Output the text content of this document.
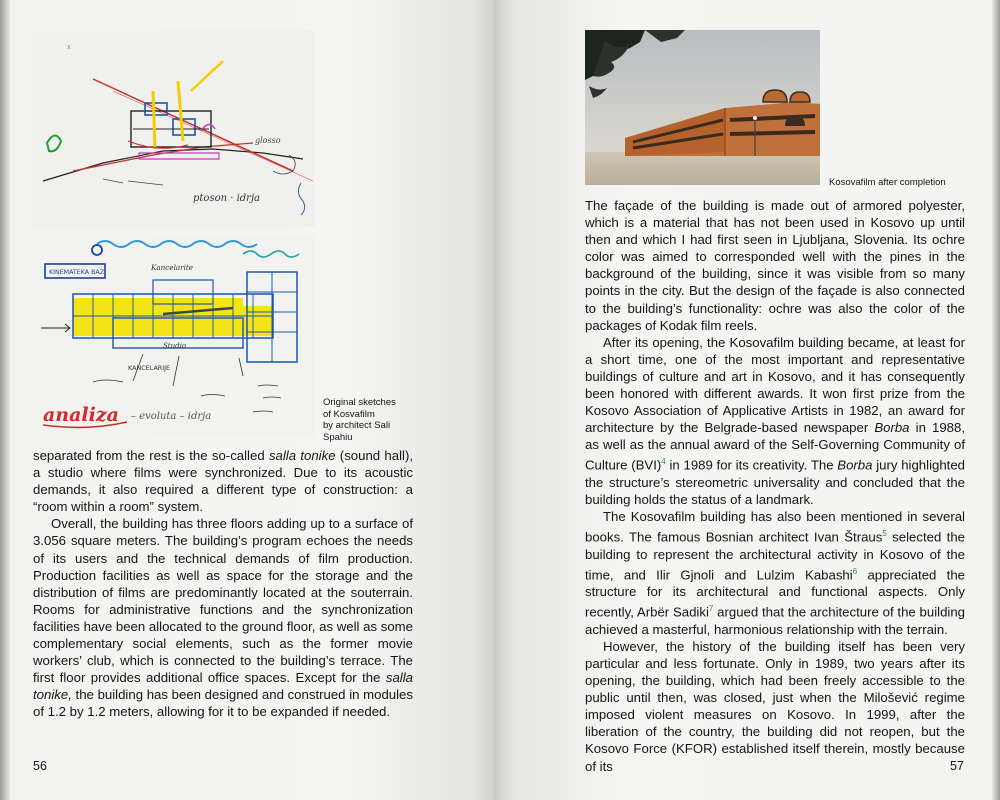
ptoson · idrja
glosso
x
KINEMATEKA BAZI
Kancelarite
KANCELARIJE
Studio
analiza – evoluta – idrja
Original sketches
of Kosvafilm
by architect Sali
Spahiu

separated from the rest is the so-called salla tonike (sound hall), a studio where films were synchronized. Due to its acoustic demands, it also required a different type of construction: a “room within a room” system.

Overall, the building has three floors adding up to a surface of 3.056 square meters. The building’s program echoes the needs of its users and the technical demands of film production. Production facilities as well as space for the storage and the distribution of films are predominantly located at the souterrain. Rooms for administrative functions and the synchronization facilities have been allocated to the ground floor, as well as some complementary social elements, such as the former movie workers’ club, which is connected to the building’s terrace. The first floor provides additional office spaces. Except for the salla tonike, the building has been designed and construed in modules of 1.2 by 1.2 meters, allowing for it to be expanded if needed.

56
Kosovafilm after completion

The façade of the building is made out of armored polyester, which is a material that has not been used in Kosovo up until then and which I had first seen in Ljubljana, Slovenia. Its ochre color was aimed to corresponded well with the pines in the background of the building, since it was visible from so many points in the city. But the design of the façade is also connected to the building’s functionality: ochre was also the color of the packages of Kodak film reels.

After its opening, the Kosovafilm building became, at least for a short time, one of the most important and representative buildings of culture and art in Kosovo, and it has consequently been honored with different awards. It won first prize from the Kosovo Association of Applicative Artists in 1982, an award for architecture by the Belgrade-based newspaper Borba in 1988, as well as the annual award of the Self-Governing Community of Culture (BVI)$^4$ in 1989 for its creativity. The Borba jury highlighted the structure’s stereometric universality and concluded that the building holds the status of a landmark.

The Kosovafilm building has also been mentioned in several books. The famous Bosnian architect Ivan Štraus$^5$ selected the building to represent the architectural activity in Kosovo of the time, and Ilir Gjnoli and Lulzim Kabashi$^6$ appreciated the structure for its architectural and functional aspects. Only recently, Arbër Sadiki$^7$ argued that the architecture of the building achieved a masterful, harmonious relationship with the terrain.

However, the history of the building itself has been very particular and less fortunate. Only in 1989, two years after its opening, the building, which had been freely accessible to the public until then, was closed, just when the Milošević regime imposed violent measures on Kosovo. In 1999, after the liberation of the country, the building did not reopen, but the Kosovo Force (KFOR) established itself therein, mostly because of its	57
